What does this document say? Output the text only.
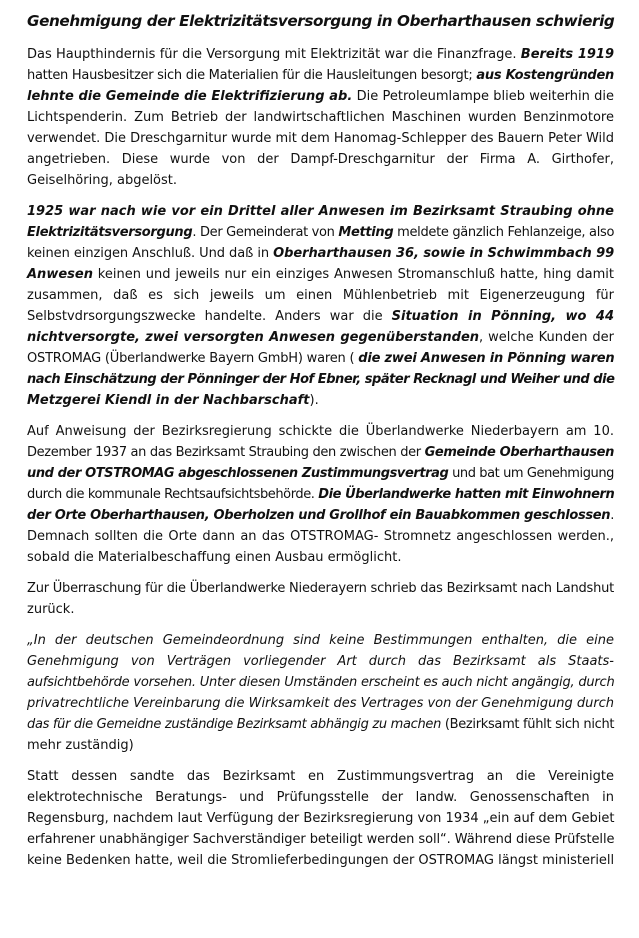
Genehmigung der Elektrizitätsversorgung in Oberharthausen schwierig
Das Haupthindernis für die Versorgung mit Elektrizität war die Finanzfrage. Bereits 1919
hatten Hausbesitzer sich die Materialien für die Hausleitungen besorgt; aus Kostengründen
lehnte die Gemeinde die Elektrifizierung ab. Die Petroleumlampe blieb weiterhin die
Lichtspenderin. Zum Betrieb der landwirtschaftlichen Maschinen wurden Benzinmotore
verwendet. Die Dreschgarnitur wurde mit dem Hanomag-Schlepper des Bauern Peter Wild
angetrieben. Diese wurde von der Dampf-Dreschgarnitur der Firma A. Girthofer,
Geiselhöring, abgelöst.
1925 war nach wie vor ein Drittel aller Anwesen im Bezirksamt Straubing ohne
Elektrizitätsversorgung. Der Gemeinderat von Metting meldete gänzlich Fehlanzeige, also
keinen einzigen Anschluß. Und daß in Oberharthausen 36, sowie in Schwimmbach 99
Anwesen keinen und jeweils nur ein einziges Anwesen Stromanschluß hatte, hing damit
zusammen, daß es sich jeweils um einen Mühlenbetrieb mit Eigenerzeugung für
Selbstvdrsorgungszwecke handelte. Anders war die Situation in Pönning, wo 44
nichtversorgte, zwei versorgten Anwesen gegenüberstanden, welche Kunden der
OSTROMAG (Überlandwerke Bayern GmbH) waren ( die zwei Anwesen in Pönning waren
nach Einschätzung der Pönninger der Hof Ebner, später Recknagl und Weiher und die
Metzgerei Kiendl in der Nachbarschaft).
Auf Anweisung der Bezirksregierung schickte die Überlandwerke Niederbayern am 10.
Dezember 1937 an das Bezirksamt Straubing den zwischen der Gemeinde Oberharthausen
und der OTSTROMAG abgeschlossenen Zustimmungsvertrag und bat um Genehmigung
durch die kommunale Rechtsaufsichtsbehörde. Die Überlandwerke hatten mit Einwohnern
der Orte Oberharthausen, Oberholzen und Grollhof ein Bauabkommen geschlossen.
Demnach sollten die Orte dann an das OTSTROMAG- Stromnetz angeschlossen werden.,
sobald die Materialbeschaffung einen Ausbau ermöglicht.
Zur Überraschung für die Überlandwerke Niederayern schrieb das Bezirksamt nach Landshut
zurück.
„In der deutschen Gemeindeordnung sind keine Bestimmungen enthalten, die eine
Genehmigung von Verträgen vorliegender Art durch das Bezirksamt als Staats-
aufsichtbehörde vorsehen. Unter diesen Umständen erscheint es auch nicht angängig, durch
privatrechtliche Vereinbarung die Wirksamkeit des Vertrages von der Genehmigung durch
das für die Gemeidne zuständige Bezirksamt abhängig zu machen (Bezirksamt fühlt sich nicht
mehr zuständig)
Statt dessen sandte das Bezirksamt en Zustimmungsvertrag an die Vereinigte
elektrotechnische Beratungs- und Prüfungsstelle der landw. Genossenschaften in
Regensburg, nachdem laut Verfügung der Bezirksregierung von 1934 „ein auf dem Gebiet
erfahrener unabhängiger Sachverständiger beteiligt werden soll“. Während diese Prüfstelle
keine Bedenken hatte, weil die Stromlieferbedingungen der OSTROMAG längst ministeriell
